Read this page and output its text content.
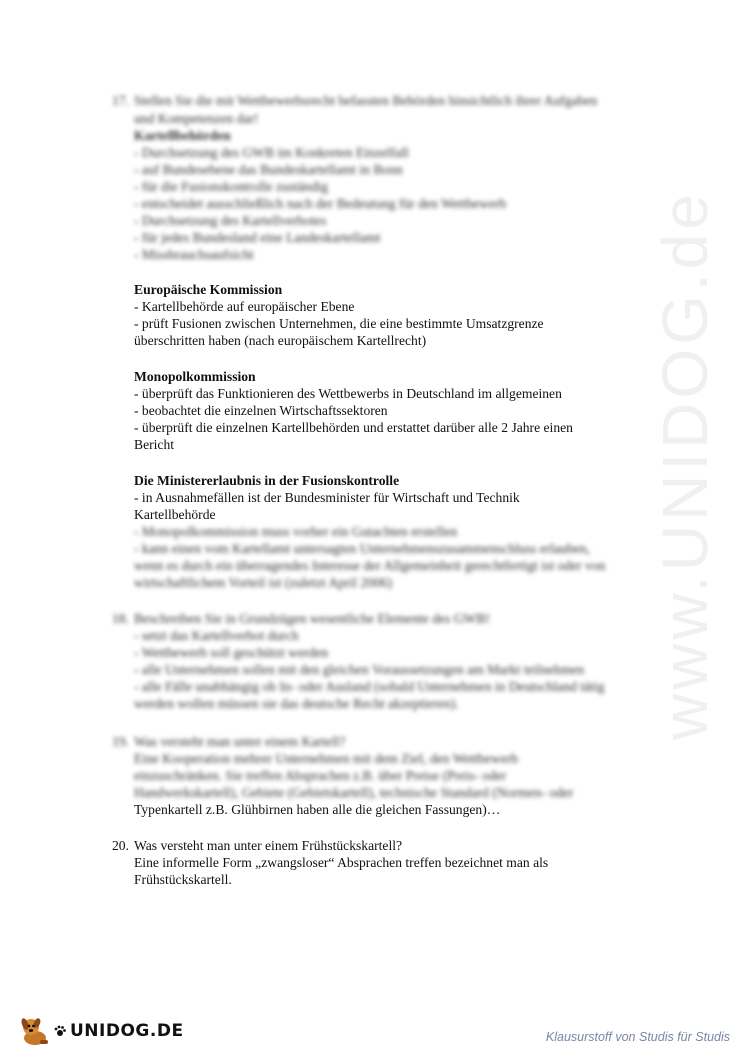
www.UNIDOG.de
17. Stellen Sie die mit Wettbewerbsrecht befassten Behörden hinsichtlich ihrer Aufgaben
und Kompetenzen dar!
Kartellbehörden
- Durchsetzung des GWB im Konkreten Einzelfall
- auf Bundesebene das Bundeskartellamt in Bonn
- für die Fusionskontrolle zuständig
- entscheidet ausschließlich nach der Bedeutung für den Wettbewerb
- Durchsetzung des Kartellverbotes
- für jedes Bundesland eine Landeskartellamt
- Missbrauchsaufsicht
Europäische Kommission
- Kartellbehörde auf europäischer Ebene
- prüft Fusionen zwischen Unternehmen, die eine bestimmte Umsatzgrenze
überschritten haben (nach europäischem Kartellrecht)
Monopolkommission
- überprüft das Funktionieren des Wettbewerbs in Deutschland im allgemeinen
- beobachtet die einzelnen Wirtschaftssektoren
- überprüft die einzelnen Kartellbehörden und erstattet darüber alle 2 Jahre einen
Bericht
Die Ministererlaubnis in der Fusionskontrolle
- in Ausnahmefällen ist der Bundesminister für Wirtschaft und Technik
Kartellbehörde
- Monopolkommission muss vorher ein Gutachten erstellen
- kann einen vom Kartellamt untersagten Unternehmenszusammenschluss erlauben,
wenn es durch ein überragendes Interesse der Allgemeinheit gerechtfertigt ist oder von
wirtschaftlichem Vorteil ist (zuletzt April 2006)
18. Beschreiben Sie in Grundzügen wesentliche Elemente des GWB!
- setzt das Kartellverbot durch
- Wettbewerb soll geschützt werden
- alle Unternehmen sollen mit den gleichen Voraussetzungen am Markt teilnehmen
- alle Fälle unabhängig ob In- oder Ausland (sobald Unternehmen in Deutschland tätig
werden wollen müssen sie das deutsche Recht akzeptieren).
19. Was versteht man unter einem Kartell?
Eine Kooperation mehrer Unternehmen mit dem Ziel, den Wettbewerb
einzuschränken. Sie treffen Absprachen z.B. über Preise (Preis- oder
Handwerkskartell), Gebiete (Gebietskartell), technische Standard (Normen- oder
Typenkartell z.B. Glühbirnen haben alle die gleichen Fassungen)…
20. Was versteht man unter einem Frühstückskartell?
Eine informelle Form „zwangsloser“ Absprachen treffen bezeichnet man als
Frühstückskartell.
UNIDOG.DE	Klausurstoff von Studis für Studis
